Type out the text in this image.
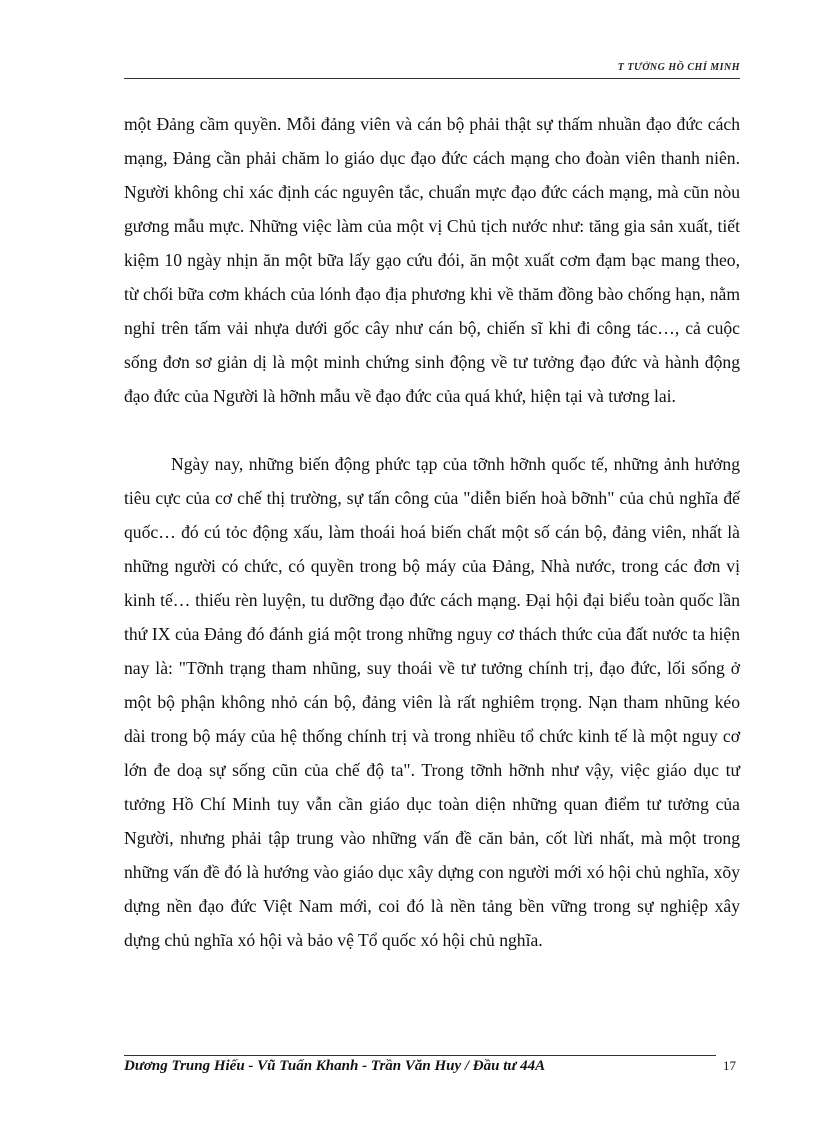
T TƯỞNG HỒ CHÍ MINH

một Đảng cầm quyền. Mỗi đảng viên và cán bộ phải thật sự thấm nhuần đạo đức cách mạng, Đảng cần phải chăm lo giáo dục đạo đức cách mạng cho đoàn viên thanh niên. Người không chỉ xác định các nguyên tắc, chuẩn mực đạo đức cách mạng, mà cũn nòu gương mẫu mực. Những việc làm của một vị Chủ tịch nước như: tăng gia sản xuất, tiết kiệm 10 ngày nhịn ăn một bữa lấy gạo cứu đói, ăn một xuất cơm đạm bạc mang theo, từ chối bữa cơm khách của lónh đạo địa phương khi về thăm đồng bào chống hạn, nằm nghỉ trên tấm vải nhựa dưới gốc cây như cán bộ, chiến sĩ khi đi công tác…, cả cuộc sống đơn sơ giản dị là một minh chứng sinh động về tư tưởng đạo đức và hành động đạo đức của Người là hỡnh mẫu về đạo đức của quá khứ, hiện tại và tương lai.

Ngày nay, những biến động phức tạp của tỡnh hỡnh quốc tế, những ảnh hưởng tiêu cực của cơ chế thị trường, sự tấn công của "diễn biến hoà bỡnh" của chủ nghĩa đế quốc… đó cú tỏc động xấu, làm thoái hoá biến chất một số cán bộ, đảng viên, nhất là những người có chức, có quyền trong bộ máy của Đảng, Nhà nước, trong các đơn vị kinh tế… thiếu rèn luyện, tu dưỡng đạo đức cách mạng. Đại hội đại biểu toàn quốc lần thứ IX của Đảng đó đánh giá một trong những nguy cơ thách thức của đất nước ta hiện nay là: "Tỡnh trạng tham nhũng, suy thoái về tư tưởng chính trị, đạo đức, lối sống ở một bộ phận không nhỏ cán bộ, đảng viên là rất nghiêm trọng. Nạn tham nhũng kéo dài trong bộ máy của hệ thống chính trị và trong nhiều tổ chức kinh tế là một nguy cơ lớn đe doạ sự sống cũn của chế độ ta". Trong tỡnh hỡnh như vậy, việc giáo dục tư tưởng Hồ Chí Minh tuy vẫn cần giáo dục toàn diện những quan điểm tư tưởng của Người, nhưng phải tập trung vào những vấn đề căn bản, cốt lừi nhất, mà một trong những vấn đề đó là hướng vào giáo dục xây dựng con người mới xó hội chủ nghĩa, xõy dựng nền đạo đức Việt Nam mới, coi đó là nền tảng bền vững trong sự nghiệp xây dựng chủ nghĩa xó hội và bảo vệ Tổ quốc xó hội chủ nghĩa.

Dương Trung Hiếu - Vũ Tuấn Khanh - Trần Văn Huy / Đầu tư 44A	17
